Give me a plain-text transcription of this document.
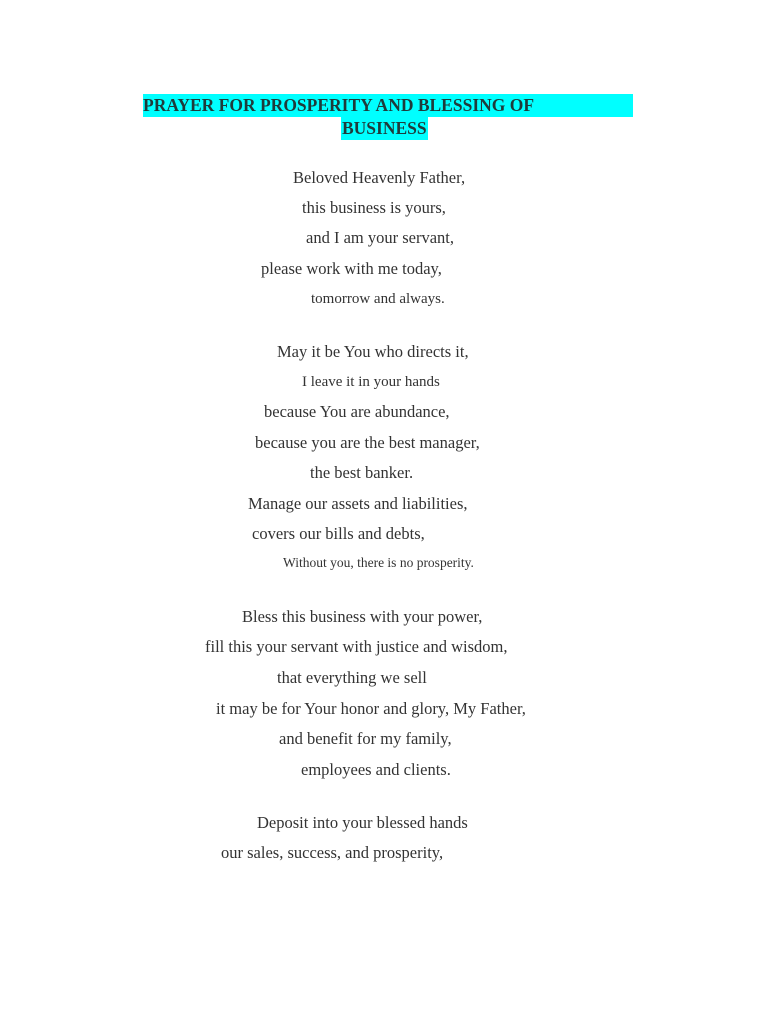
PRAYER FOR PROSPERITY AND BLESSING OF
BUSINESS
Beloved Heavenly Father,
this business is yours,
and I am your servant,
please work with me today,
tomorrow and always.
May it be You who directs it,
I leave it in your hands
because You are abundance,
because you are the best manager,
the best banker.
Manage our assets and liabilities,
covers our bills and debts,
Without you, there is no prosperity.
Bless this business with your power,
fill this your servant with justice and wisdom,
that everything we sell
it may be for Your honor and glory, My Father,
and benefit for my family,
employees and clients.
Deposit into your blessed hands
our sales, success, and prosperity,
